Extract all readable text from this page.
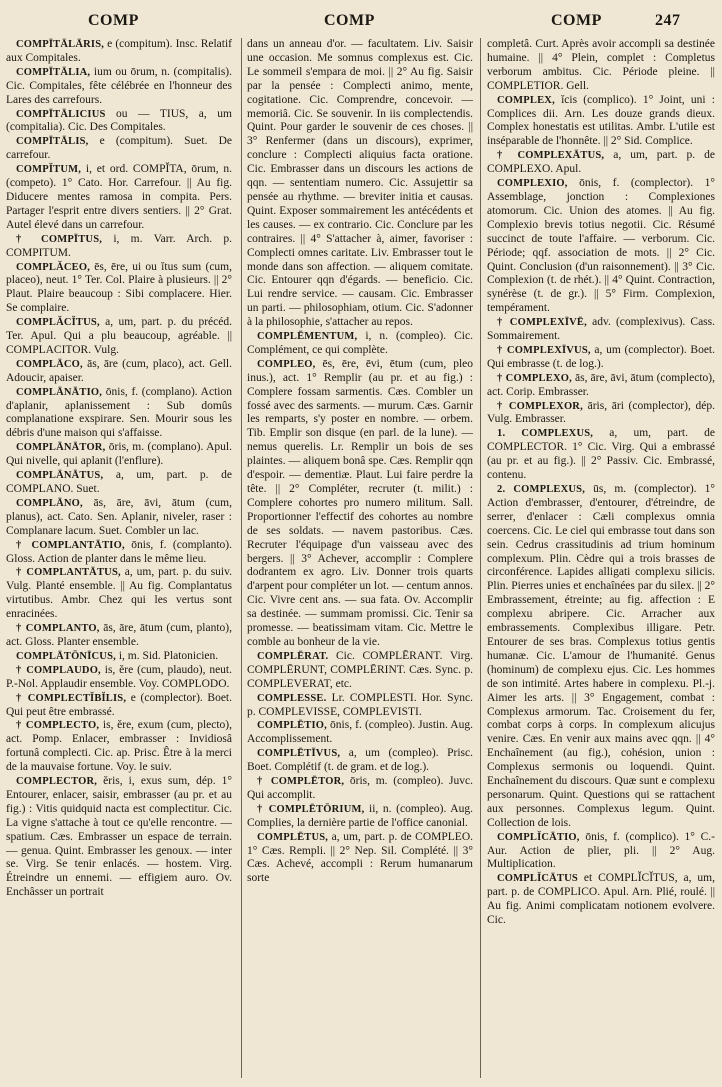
COMP	COMP	COMP	247

COMPĪTĀLĀRIS, e (compitum). Insc. Relatif aux Compitales.

COMPĪTĀLIA, ium ou ōrum, n. (compitalis). Cic. Compitales, fête célébrée en l'honneur des Lares des carrefours.

COMPĪTĀLICIUS ou — TIUS, a, um (compitalia). Cic. Des Compitales.

COMPĪTĀLIS, e (compitum). Suet. De carrefour.

COMPĬTUM, i, et ord. COMPĬTA, ōrum, n. (competo). 1° Cato. Hor. Carrefour. || Au fig. Diducere mentes ramosa in compita. Pers. Partager l'esprit entre divers sentiers. || 2° Grat. Autel élevé dans un carrefour.

† COMPĪTUS, i, m. Varr. Arch. p. COMPITUM.

COMPLĂCEO, ēs, ēre, ui ou ĭtus sum (cum, placeo), neut. 1° Ter. Col. Plaire à plusieurs. || 2° Plaut. Plaire beaucoup : Sibi complacere. Hier. Se complaire.

COMPLĂCĬTUS, a, um, part. p. du précéd. Ter. Apul. Qui a plu beaucoup, agréable. || COMPLACITOR. Vulg.

COMPLĀCO, ās, āre (cum, placo), act. Gell. Adoucir, apaiser.

COMPLĀNĀTIO, ōnis, f. (complano). Action d'aplanir, aplanissement : Sub domûs complanatione exspirare. Sen. Mourir sous les débris d'une maison qui s'affaisse.

COMPLĀNĀTOR, ōris, m. (complano). Apul. Qui nivelle, qui aplanit (l'enflure).

COMPLĀNĀTUS, a, um, part. p. de COMPLANO. Suet.

COMPLĀNO, ās, āre, āvi, ātum (cum, planus), act. Cato. Sen. Aplanir, niveler, raser : Complanare lacum. Suet. Combler un lac.

† COMPLANTĀTIO, ōnis, f. (complanto). Gloss. Action de planter dans le même lieu.

† COMPLANTĀTUS, a, um, part. p. du suiv. Vulg. Planté ensemble. || Au fig. Complantatus virtutibus. Ambr. Chez qui les vertus sont enracinées.

† COMPLANTO, ās, āre, ātum (cum, planto), act. Gloss. Planter ensemble.

COMPLĀTŌNĪCUS, i, m. Sid. Platonicien.

† COMPLAUDO, is, ĕre (cum, plaudo), neut. P.-Nol. Applaudir ensemble. Voy. COMPLODO.

† COMPLECTĬBĬLIS, e (complector). Boet. Qui peut être embrassé.

† COMPLECTO, is, ĕre, exum (cum, plecto), act. Pomp. Enlacer, embrasser : Invidiosâ fortunâ complecti. Cic. ap. Prisc. Être à la merci de la mauvaise fortune. Voy. le suiv.

COMPLECTOR, ĕris, i, exus sum, dép. 1° Entourer, enlacer, saisir, embrasser (au pr. et au fig.) : Vitis quidquid nacta est complectitur. Cic. La vigne s'attache à tout ce qu'elle rencontre. — spatium. Cæs. Embrasser un espace de terrain. — genua. Quint. Embrasser les genoux. — inter se. Virg. Se tenir enlacés. — hostem. Virg. Étreindre un ennemi. — effigiem auro. Ov. Enchâsser un portrait

dans un anneau d'or. — facultatem. Liv. Saisir une occasion. Me somnus complexus est. Cic. Le sommeil s'empara de moi. || 2° Au fig. Saisir par la pensée : Complecti animo, mente, cogitatione. Cic. Comprendre, concevoir. — memoriâ. Cic. Se souvenir. In iis complectendis. Quint. Pour garder le souvenir de ces choses. || 3° Renfermer (dans un discours), exprimer, conclure : Complecti aliquius facta oratione. Cic. Embrasser dans un discours les actions de qqn. — sententiam numero. Cic. Assujettir sa pensée au rhythme. — breviter initia et causas. Quint. Exposer sommairement les antécédents et les causes. — ex contrario. Cic. Conclure par les contraires. || 4° S'attacher à, aimer, favoriser : Complecti omnes caritate. Liv. Embrasser tout le monde dans son affection. — aliquem comitate. Cic. Entourer qqn d'égards. — beneficio. Cic. Lui rendre service. — causam. Cic. Embrasser un parti. — philosophiam, otium. Cic. S'adonner à la philosophie, s'attacher au repos.

COMPLĒMENTUM, i, n. (compleo). Cic. Complément, ce qui complète.

COMPLEO, ēs, ēre, ēvi, ētum (cum, pleo inus.), act. 1° Remplir (au pr. et au fig.) : Complere fossam sarmentis. Cæs. Combler un fossé avec des sarments. — murum. Cæs. Garnir les remparts, s'y poster en nombre. — orbem. Tib. Emplir son disque (en parl. de la lune). — nemus querelis. Lr. Remplir un bois de ses plaintes. — aliquem bonâ spe. Cæs. Remplir qqn d'espoir. — dementiæ. Plaut. Lui faire perdre la tête. || 2° Compléter, recruter (t. milit.) : Complere cohortes pro numero militum. Sall. Proportionner l'effectif des cohortes au nombre de ses soldats. — navem pastoribus. Cæs. Recruter l'équipage d'un vaisseau avec des bergers. || 3° Achever, accomplir : Complere dodrantem ex agro. Liv. Donner trois quarts d'arpent pour compléter un lot. — centum annos. Cic. Vivre cent ans. — sua fata. Ov. Accomplir sa destinée. — summam promissi. Cic. Tenir sa promesse. — beatissimam vitam. Cic. Mettre le comble au bonheur de la vie.

COMPLĒRAT. Cic. COMPLĒRANT. Virg. COMPLĒRUNT, COMPLĒRINT. Cæs. Sync. p. COMPLEVERAT, etc.

COMPLESSE. Lr. COMPLESTI. Hor. Sync. p. COMPLEVISSE, COMPLEVISTI.

COMPLĒTIO, ōnis, f. (compleo). Justin. Aug. Accomplissement.

COMPLĒTĪVUS, a, um (compleo). Prisc. Boet. Complétif (t. de gram. et de log.).

† COMPLĒTOR, ōris, m. (compleo). Juvc. Qui accomplit.

† COMPLĒTŌRIUM, ii, n. (compleo). Aug. Complies, la dernière partie de l'office canonial.

COMPLĒTUS, a, um, part. p. de COMPLEO. 1° Cæs. Rempli. || 2° Nep. Sil. Complété. || 3° Cæs. Achevé, accompli : Rerum humanarum sorte

completâ. Curt. Après avoir accompli sa destinée humaine. || 4° Plein, complet : Completus verborum ambitus. Cic. Période pleine. || COMPLETIOR. Gell.

COMPLEX, ĭcis (complico). 1° Joint, uni : Complices dii. Arn. Les douze grands dieux. Complex honestatis est utilitas. Ambr. L'utile est inséparable de l'honnête. || 2° Sid. Complice.

† COMPLEXĀTUS, a, um, part. p. de COMPLEXO. Apul.

COMPLEXIO, ōnis, f. (complector). 1° Assemblage, jonction : Complexiones atomorum. Cic. Union des atomes. || Au fig. Complexio brevis totius negotii. Cic. Résumé succinct de toute l'affaire. — verborum. Cic. Période; qqf. association de mots. || 2° Cic. Quint. Conclusion (d'un raisonnement). || 3° Cic. Complexion (t. de rhét.). || 4° Quint. Contraction, synérèse (t. de gr.). || 5° Firm. Complexion, tempérament.

† COMPLEXĪVĒ, adv. (complexivus). Cass. Sommairement.

† COMPLEXĪVUS, a, um (complector). Boet. Qui embrasse (t. de log.).

† COMPLEXO, ās, āre, āvi, ātum (complecto), act. Corip. Embrasser.

† COMPLEXOR, āris, āri (complector), dép. Vulg. Embrasser.

1. COMPLEXUS, a, um, part. de COMPLECTOR. 1° Cic. Virg. Qui a embrassé (au pr. et au fig.). || 2° Passiv. Cic. Embrassé, contenu.

2. COMPLEXUS, ūs, m. (complector). 1° Action d'embrasser, d'entourer, d'étreindre, de serrer, d'enlacer : Cæli complexus omnia coercens. Cic. Le ciel qui embrasse tout dans son sein. Cedrus crassitudinis ad trium hominum complexum. Plin. Cèdre qui a trois brasses de circonférence. Lapides alligati complexu silicis. Plin. Pierres unies et enchaînées par du silex. || 2° Embrassement, étreinte; au fig. affection : E complexu abripere. Cic. Arracher aux embrassements. Complexibus illigare. Petr. Entourer de ses bras. Complexus totius gentis humanæ. Cic. L'amour de l'humanité. Genus (hominum) de complexu ejus. Cic. Les hommes de son intimité. Artes habere in complexu. Pl.-j. Aimer les arts. || 3° Engagement, combat : Complexus armorum. Tac. Croisement du fer, combat corps à corps. In complexum alicujus venire. Cæs. En venir aux mains avec qqn. || 4° Enchaînement (au fig.), cohésion, union : Complexus sermonis ou loquendi. Quint. Enchaînement du discours. Quæ sunt e complexu personarum. Quint. Questions qui se rattachent aux personnes. Complexus legum. Quint. Collection de lois.

COMPLĬCĀTIO, ōnis, f. (complico). 1° C.-Aur. Action de plier, pli. || 2° Aug. Multiplication.

COMPLĬCĀTUS et COMPLĬCĬTUS, a, um, part. p. de COMPLICO. Apul. Arn. Plié, roulé. || Au fig. Animi complicatam notionem evolvere. Cic.
